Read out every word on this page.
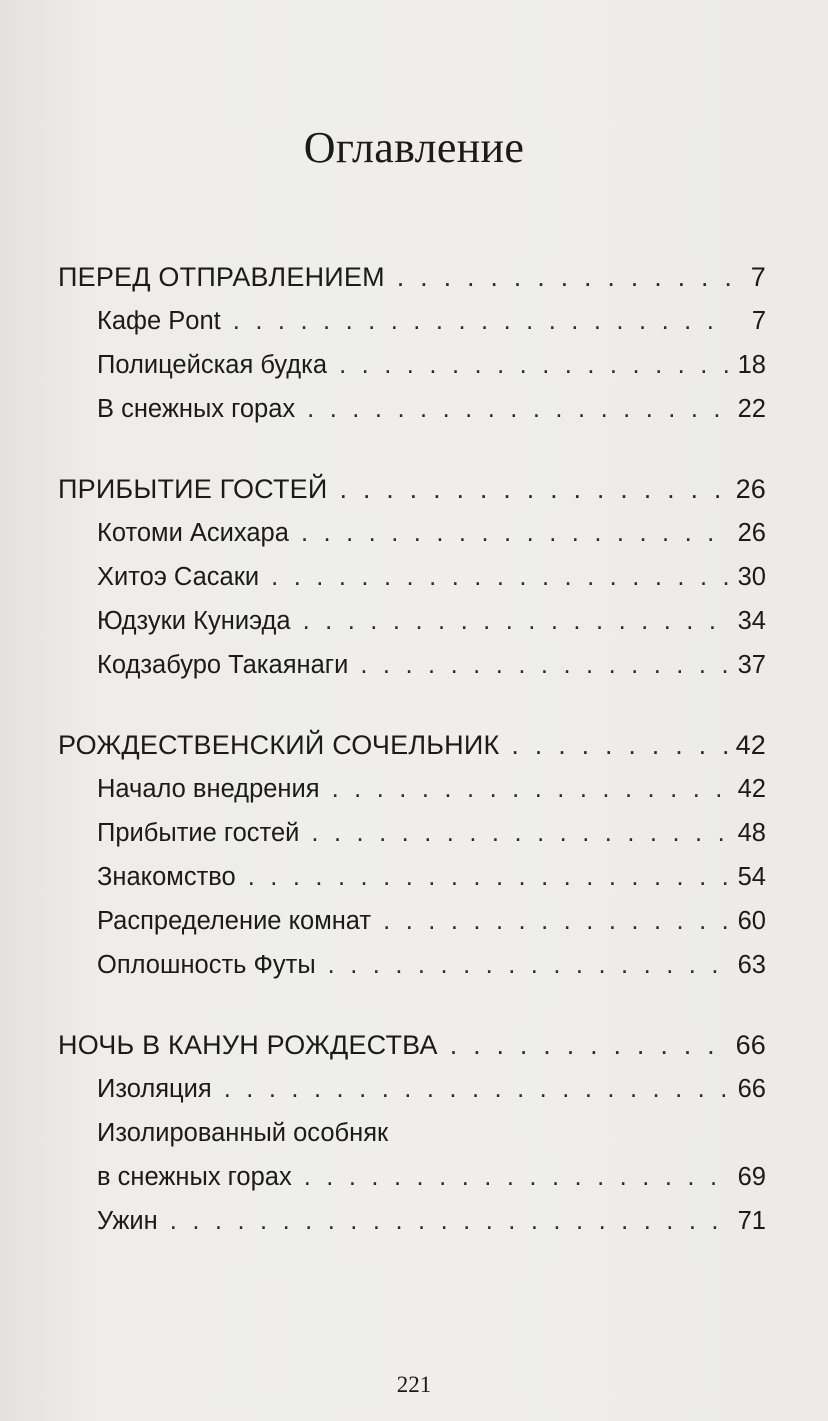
Оглавление
ПЕРЕД ОТПРАВЛЕНИЕМ . . .	7
Кафе Pont . . .	7
Полицейская будка . . .	18
В снежных горах . . .	22
ПРИБЫТИЕ ГОСТЕЙ . . .	26
Котоми Асихара . . .	26
Хитоэ Сасаки . . .	30
Юдзуки Куниэда . . .	34
Кодзабуро Такаянаги . . .	37
РОЖДЕСТВЕНСКИЙ СОЧЕЛЬНИК . . .	42
Начало внедрения . . .	42
Прибытие гостей . . .	48
Знакомство . . .	54
Распределение комнат . . .	60
Оплошность Футы . . .	63
НОЧЬ В КАНУН РОЖДЕСТВА . . .	66
Изоляция . . .	66
Изолированный особняк
в снежных горах . . .	69
Ужин . . .	71
221
